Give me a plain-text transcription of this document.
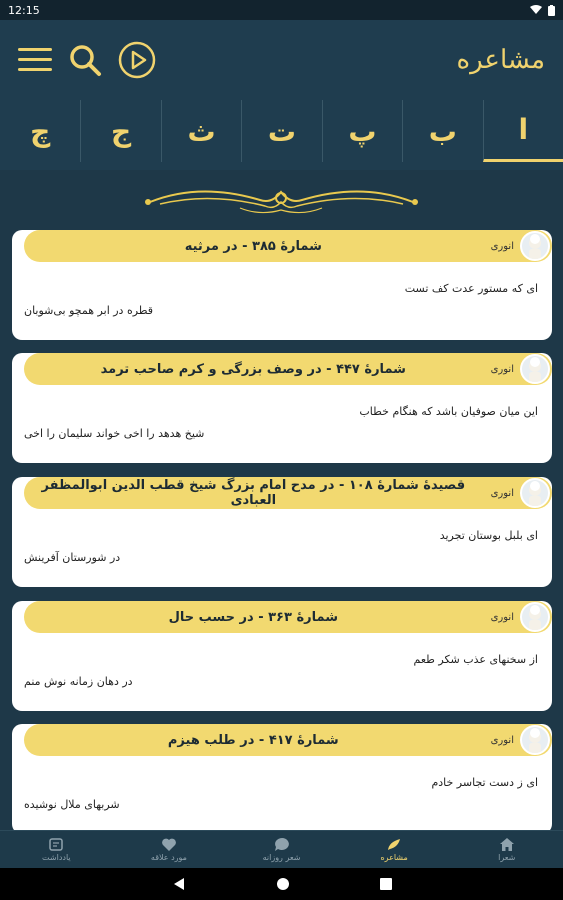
12:15
مشاعره
ا
ب
پ
ت
ث
ج
چ
انوری
شمارهٔ ۳۸۵ - در مرثیه
ای که مستور عدت کف تست
قطره در ابر همچو بی‌شوبان
انوری
شمارهٔ ۴۴۷ - در وصف بزرگی و کرم صاحب ترمد
این میان صوفیان باشد که هنگام خطاب
شیخ هدهد را اخی خواند سلیمان را اخی
انوری
قصیدهٔ شمارهٔ ۱۰۸ - در مدح امام بزرگ شیخ قطب الدین ابوالمظفر العبادی
ای بلبل بوستان تجرید
در شورستان آفرینش
انوری
شمارهٔ ۳۶۳ - در حسب حال
از سخنهای عذب شکر طعم
در دهان زمانه نوش منم
انوری
شمارهٔ ۴۱۷ - در طلب هیزم
ای ز دست تجاسر خادم
شربهای ملال نوشیده
شعرا
مشاعره
شعر روزانه
مورد علاقه
یادداشت
